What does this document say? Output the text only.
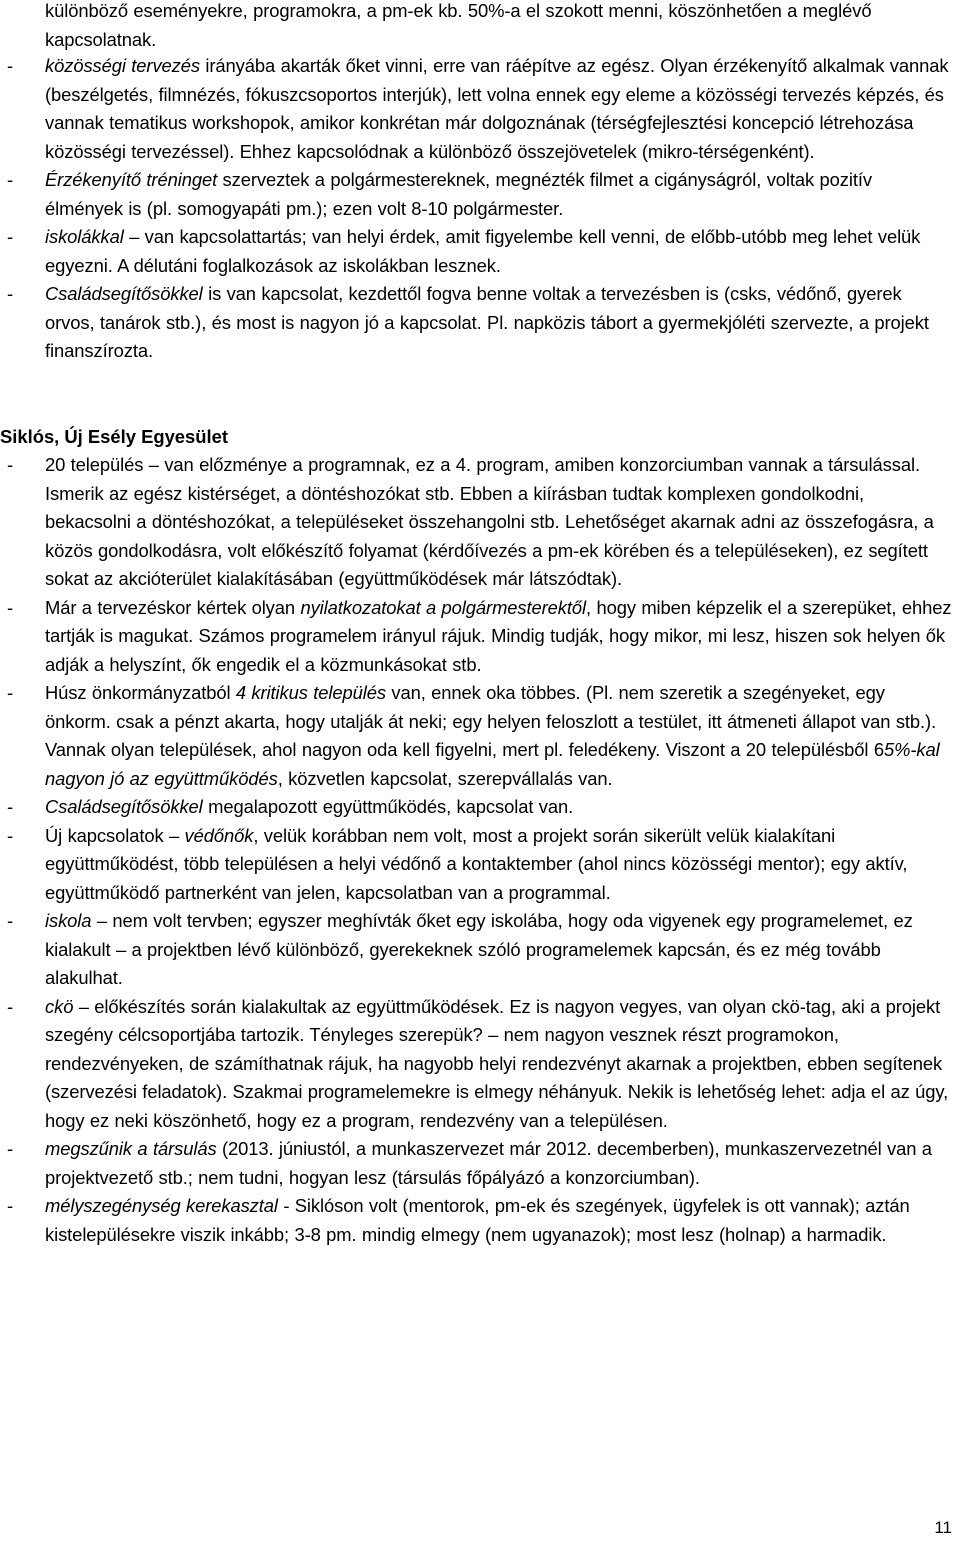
különböző eseményekre, programokra, a pm-ek kb. 50%-a el szokott menni, köszönhetően a meglévő kapcsolatnak.
- közösségi tervezés irányába akarták őket vinni, erre van ráépítve az egész. Olyan érzékenyítő alkalmak vannak (beszélgetés, filmnézés, fókuszcsoportos interjúk), lett volna ennek egy eleme a közösségi tervezés képzés, és vannak tematikus workshopok, amikor konkrétan már dolgoznának (térségfejlesztési koncepció létrehozása közösségi tervezéssel). Ehhez kapcsolódnak a különböző összejövetelek (mikro-térségenként).
- Érzékenyítő tréninget szerveztek a polgármestereknek, megnézték filmet a cigányságról, voltak pozitív élmények is (pl. somogyapáti pm.); ezen volt 8-10 polgármester.
- iskolákkal – van kapcsolattartás; van helyi érdek, amit figyelembe kell venni, de előbb-utóbb meg lehet velük egyezni. A délutáni foglalkozások az iskolákban lesznek.
- Családsegítősökkel is van kapcsolat, kezdettől fogva benne voltak a tervezésben is (csks, védőnő, gyerek orvos, tanárok stb.), és most is nagyon jó a kapcsolat. Pl. napközis tábort a gyermekjóléti szervezte, a projekt finanszírozta.
Siklós, Új Esély Egyesület
- 20 település – van előzménye a programnak, ez a 4. program, amiben konzorciumban vannak a társulással. Ismerik az egész kistérséget, a döntéshozókat stb. Ebben a kiírásban tudtak komplexen gondolkodni, bekacsolni a döntéshozókat, a településeket összehangolni stb. Lehetőséget akarnak adni az összefogásra, a közös gondolkodásra, volt előkészítő folyamat (kérdőívezés a pm-ek körében és a településeken), ez segített sokat az akcióterület kialakításában (együttműködések már látszódtak).
- Már a tervezéskor kértek olyan nyilatkozatokat a polgármesterektől, hogy miben képzelik el a szerepüket, ehhez tartják is magukat. Számos programelem irányul rájuk. Mindig tudják, hogy mikor, mi lesz, hiszen sok helyen ők adják a helyszínt, ők engedik el a közmunkásokat stb.
- Húsz önkormányzatból 4 kritikus település van, ennek oka többes. (Pl. nem szeretik a szegényeket, egy önkorm. csak a pénzt akarta, hogy utalják át neki; egy helyen feloszlott a testület, itt átmeneti állapot van stb.). Vannak olyan települések, ahol nagyon oda kell figyelni, mert pl. feledékeny. Viszont a 20 településből 65%-kal nagyon jó az együttműködés, közvetlen kapcsolat, szerepvállalás van.
- Családsegítősökkel megalapozott együttműködés, kapcsolat van.
- Új kapcsolatok – védőnők, velük korábban nem volt, most a projekt során sikerült velük kialakítani együttműködést, több településen a helyi védőnő a kontaktember (ahol nincs közösségi mentor); egy aktív, együttműködő partnerként van jelen, kapcsolatban van a programmal.
- iskola – nem volt tervben; egyszer meghívták őket egy iskolába, hogy oda vigyenek egy programelemet, ez kialakult – a projektben lévő különböző, gyerekeknek szóló programelemek kapcsán, és ez még tovább alakulhat.
- ckö – előkészítés során kialakultak az együttműködések. Ez is nagyon vegyes, van olyan ckö-tag, aki a projekt szegény célcsoportjába tartozik. Tényleges szerepük? – nem nagyon vesznek részt programokon, rendezvényeken, de számíthatnak rájuk, ha nagyobb helyi rendezvényt akarnak a projektben, ebben segítenek (szervezési feladatok). Szakmai programelemekre is elmegy néhányuk. Nekik is lehetőség lehet: adja el az úgy, hogy ez neki köszönhető, hogy ez a program, rendezvény van a településen.
- megszűnik a társulás (2013. júniustól, a munkaszervezet már 2012. decemberben), munkaszervezetnél van a projektvezető stb.; nem tudni, hogyan lesz (társulás főpályázó a konzorciumban).
- mélyszegénység kerekasztal - Siklóson volt (mentorok, pm-ek és szegények, ügyfelek is ott vannak); aztán kistelepülésekre viszik inkább; 3-8 pm. mindig elmegy (nem ugyanazok); most lesz (holnap) a harmadik.
11
